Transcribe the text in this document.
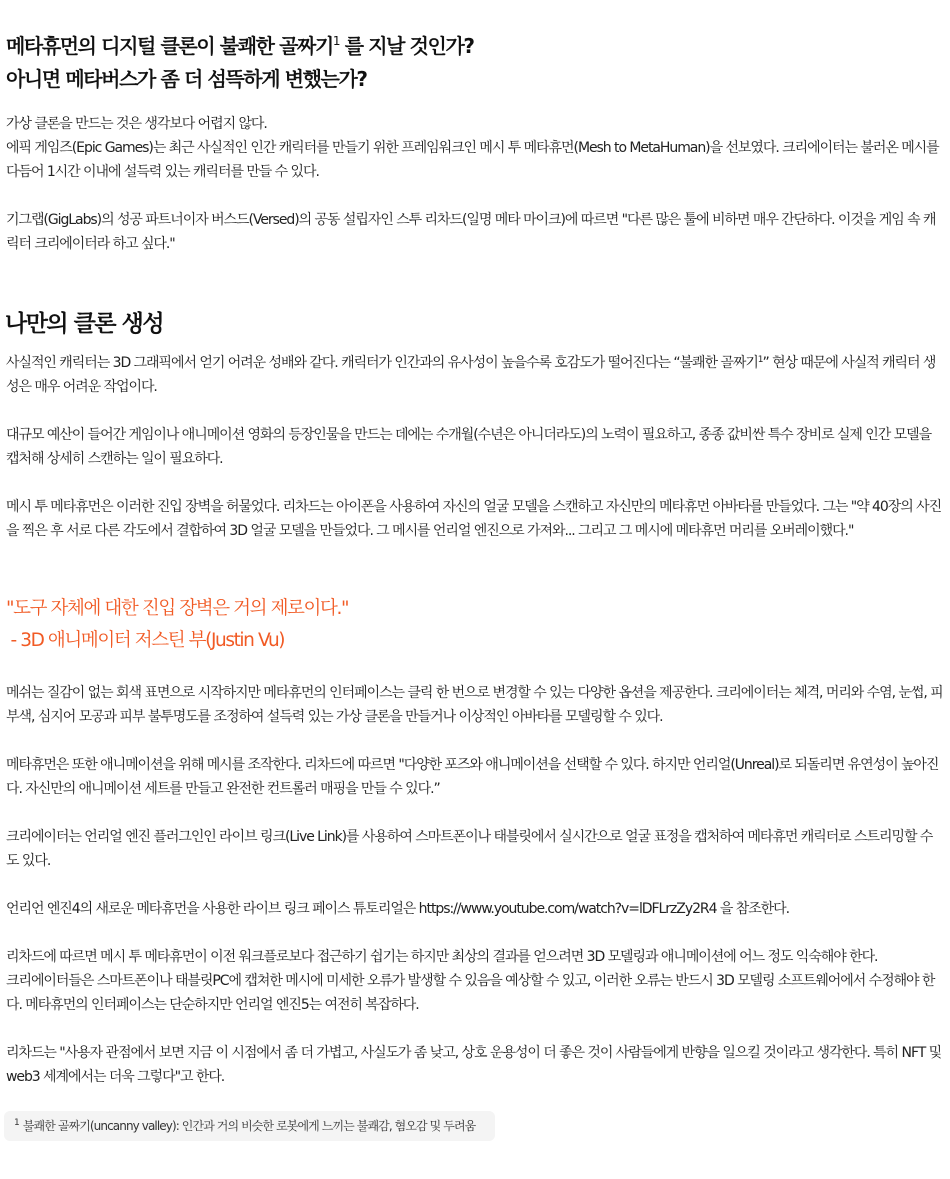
메타휴먼의 디지털 클론이 불쾌한 골짜기$^1$ 를 지날 것인가?
아니면 메타버스가 좀 더 섬뜩하게 변했는가?
가상 클론을 만드는 것은 생각보다 어렵지 않다.
에픽 게임즈(Epic Games)는 최근 사실적인 인간 캐릭터를 만들기 위한 프레임워크인 메시 투 메타휴먼(Mesh to MetaHuman)을 선보였다. 크리에이터는 불러온 메시를 다듬어 1시간 이내에 설득력 있는 캐릭터를 만들 수 있다.
기그랩(GigLabs)의 성공 파트너이자 버스드(Versed)의 공동 설립자인 스투 리차드(일명 메타 마이크)에 따르면 "다른 많은 툴에 비하면 매우 간단하다. 이것을 게임 속 캐릭터 크리에이터라 하고 싶다."
나만의 클론 생성
사실적인 캐릭터는 3D 그래픽에서 얻기 어려운 성배와 같다. 캐릭터가 인간과의 유사성이 높을수록 호감도가 떨어진다는 “불쾌한 골짜기$^1$” 현상 때문에 사실적 캐릭터 생성은 매우 어려운 작업이다.
대규모 예산이 들어간 게임이나 애니메이션 영화의 등장인물을 만드는 데에는 수개월(수년은 아니더라도)의 노력이 필요하고, 종종 값비싼 특수 장비로 실제 인간 모델을 캡처해 상세히 스캔하는 일이 필요하다.
메시 투 메타휴먼은 이러한 진입 장벽을 허물었다. 리차드는 아이폰을 사용하여 자신의 얼굴 모델을 스캔하고 자신만의 메타휴먼 아바타를 만들었다. 그는 "약 40장의 사진을 찍은 후 서로 다른 각도에서 결합하여 3D 얼굴 모델을 만들었다. 그 메시를 언리얼 엔진으로 가져와... 그리고 그 메시에 메타휴먼 머리를 오버레이했다."
"도구 자체에 대한 진입 장벽은 거의 제로이다."
- 3D 애니메이터 저스틴 부(Justin Vu)
메쉬는 질감이 없는 회색 표면으로 시작하지만 메타휴먼의 인터페이스는 클릭 한 번으로 변경할 수 있는 다양한 옵션을 제공한다. 크리에이터는 체격, 머리와 수염, 눈썹, 피부색, 심지어 모공과 피부 불투명도를 조정하여 설득력 있는 가상 클론을 만들거나 이상적인 아바타를 모델링할 수 있다.
메타휴먼은 또한 애니메이션을 위해 메시를 조작한다. 리차드에 따르면 "다양한 포즈와 애니메이션을 선택할 수 있다. 하지만 언리얼(Unreal)로 되돌리면 유연성이 높아진다. 자신만의 애니메이션 세트를 만들고 완전한 컨트롤러 매핑을 만들 수 있다.”
크리에이터는 언리얼 엔진 플러그인인 라이브 링크(Live Link)를 사용하여 스마트폰이나 태블릿에서 실시간으로 얼굴 표정을 캡처하여 메타휴먼 캐릭터로 스트리밍할 수도 있다.
언리언 엔진4의 새로운 메타휴먼을 사용한 라이브 링크 페이스 튜토리얼은 https://www.youtube.com/watch?v=lDFLrzZy2R4 을 참조한다.
리차드에 따르면 메시 투 메타휴먼이 이전 워크플로보다 접근하기 쉽기는 하지만 최상의 결과를 얻으려면 3D 모델링과 애니메이션에 어느 정도 익숙해야 한다.
크리에이터들은 스마트폰이나 태블릿PC에 캡쳐한 메시에 미세한 오류가 발생할 수 있음을 예상할 수 있고, 이러한 오류는 반드시 3D 모델링 소프트웨어에서 수정해야 한다. 메타휴먼의 인터페이스는 단순하지만 언리얼 엔진5는 여전히 복잡하다.
리차드는 "사용자 관점에서 보면 지금 이 시점에서 좀 더 가볍고, 사실도가 좀 낮고, 상호 운용성이 더 좋은 것이 사람들에게 반향을 일으킬 것이라고 생각한다. 특히 NFT 및 web3 세계에서는 더욱 그렇다"고 한다.
$^1$ 불쾌한 골짜기(uncanny valley): 인간과 거의 비슷한 로봇에게 느끼는 불쾌감, 혐오감 및 두려움
